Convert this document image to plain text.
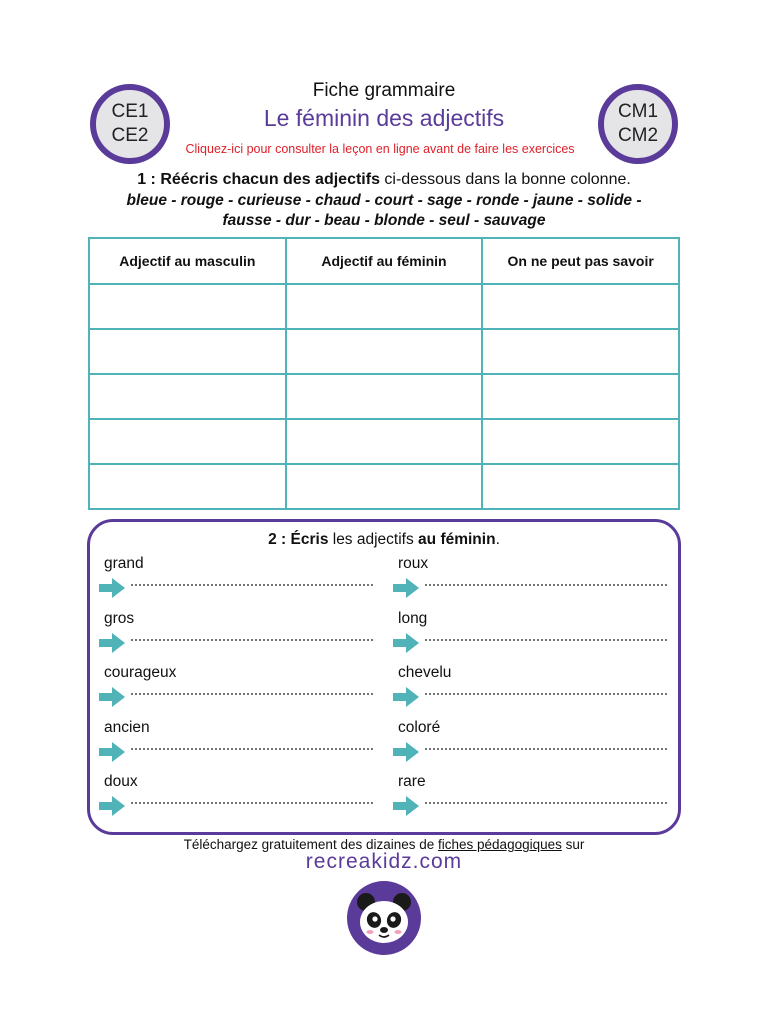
CE1
CE2
CM1
CM2
Fiche grammaire
Le féminin des adjectifs
Cliquez-ici pour consulter la leçon en ligne avant de faire les exercices
1 : Réécris chacun des adjectifs ci-dessous dans la bonne colonne.
bleue - rouge - curieuse - chaud - court - sage - ronde - jaune - solide -
fausse - dur - beau - blonde - seul - sauvage
Adjectif au masculin	Adjectif au féminin	On ne peut pas savoir

2 : Écris les adjectifs au féminin.
grand
gros
courageux
ancien
doux
roux
long
chevelu
coloré
rare
Téléchargez gratuitement des dizaines de fiches pédagogiques sur
recreakidz.com
